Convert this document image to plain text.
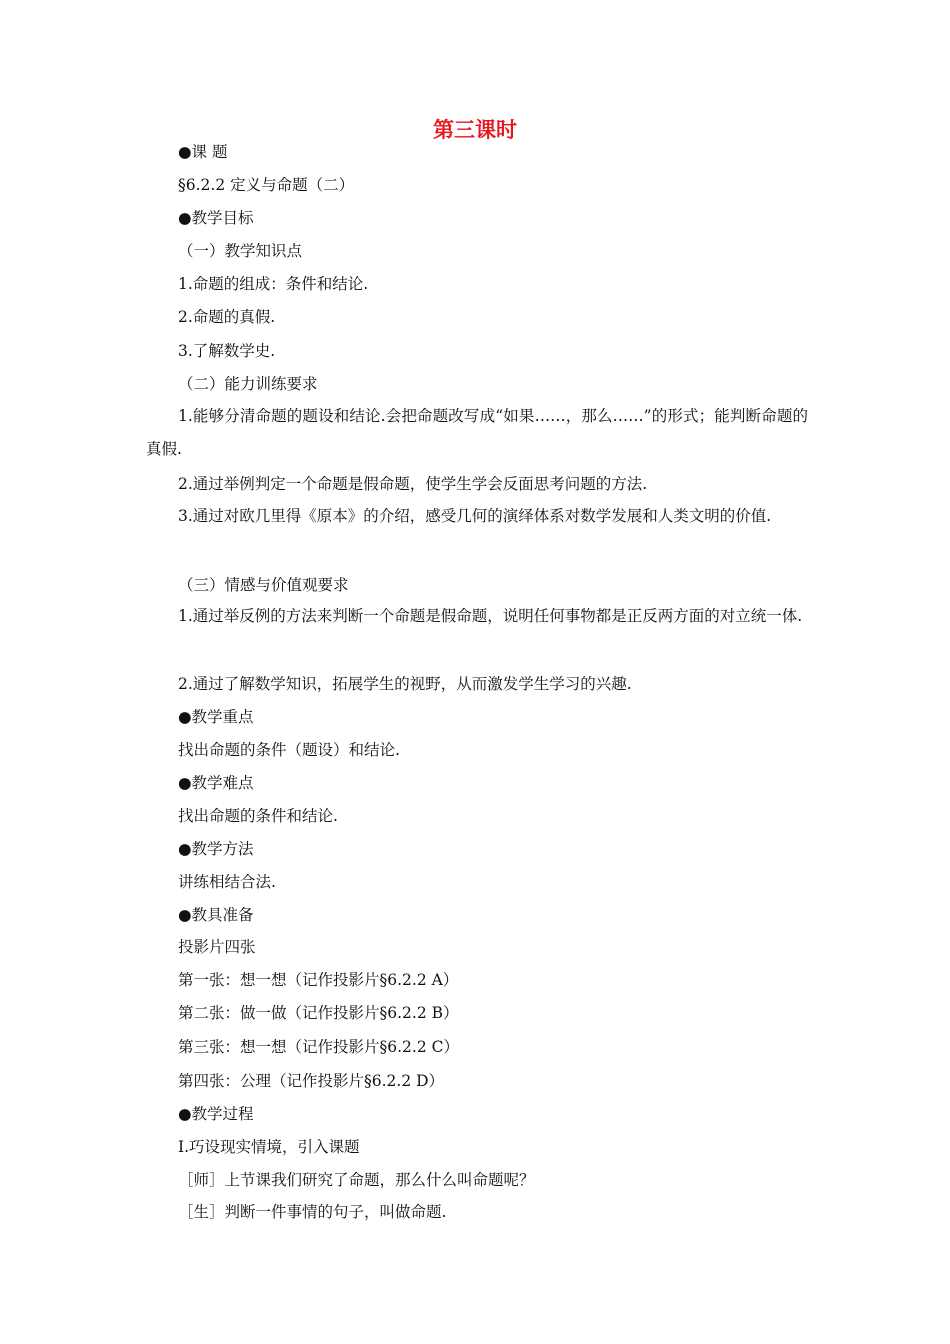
第三课时
●课 题
§6.2.2 定义与命题（二）
●教学目标
（一）教学知识点
1.命题的组成：条件和结论.
2.命题的真假.
3.了解数学史.
（二）能力训练要求
1.能够分清命题的题设和结论.会把命题改写成“如果……，那么……”的形式；能判断命题的真假.
2.通过举例判定一个命题是假命题，使学生学会反面思考问题的方法.
3.通过对欧几里得《原本》的介绍，感受几何的演绎体系对数学发展和人类文明的价值.
（三）情感与价值观要求
1.通过举反例的方法来判断一个命题是假命题，说明任何事物都是正反两方面的对立统一体.
2.通过了解数学知识，拓展学生的视野，从而激发学生学习的兴趣.
●教学重点
找出命题的条件（题设）和结论.
●教学难点
找出命题的条件和结论.
●教学方法
讲练相结合法.
●教具准备
投影片四张
第一张：想一想（记作投影片§6.2.2 A）
第二张：做一做（记作投影片§6.2.2 B）
第三张：想一想（记作投影片§6.2.2 C）
第四张：公理（记作投影片§6.2.2 D）
●教学过程
Ⅰ.巧设现实情境，引入课题
［师］上节课我们研究了命题，那么什么叫命题呢？
［生］判断一件事情的句子，叫做命题.
